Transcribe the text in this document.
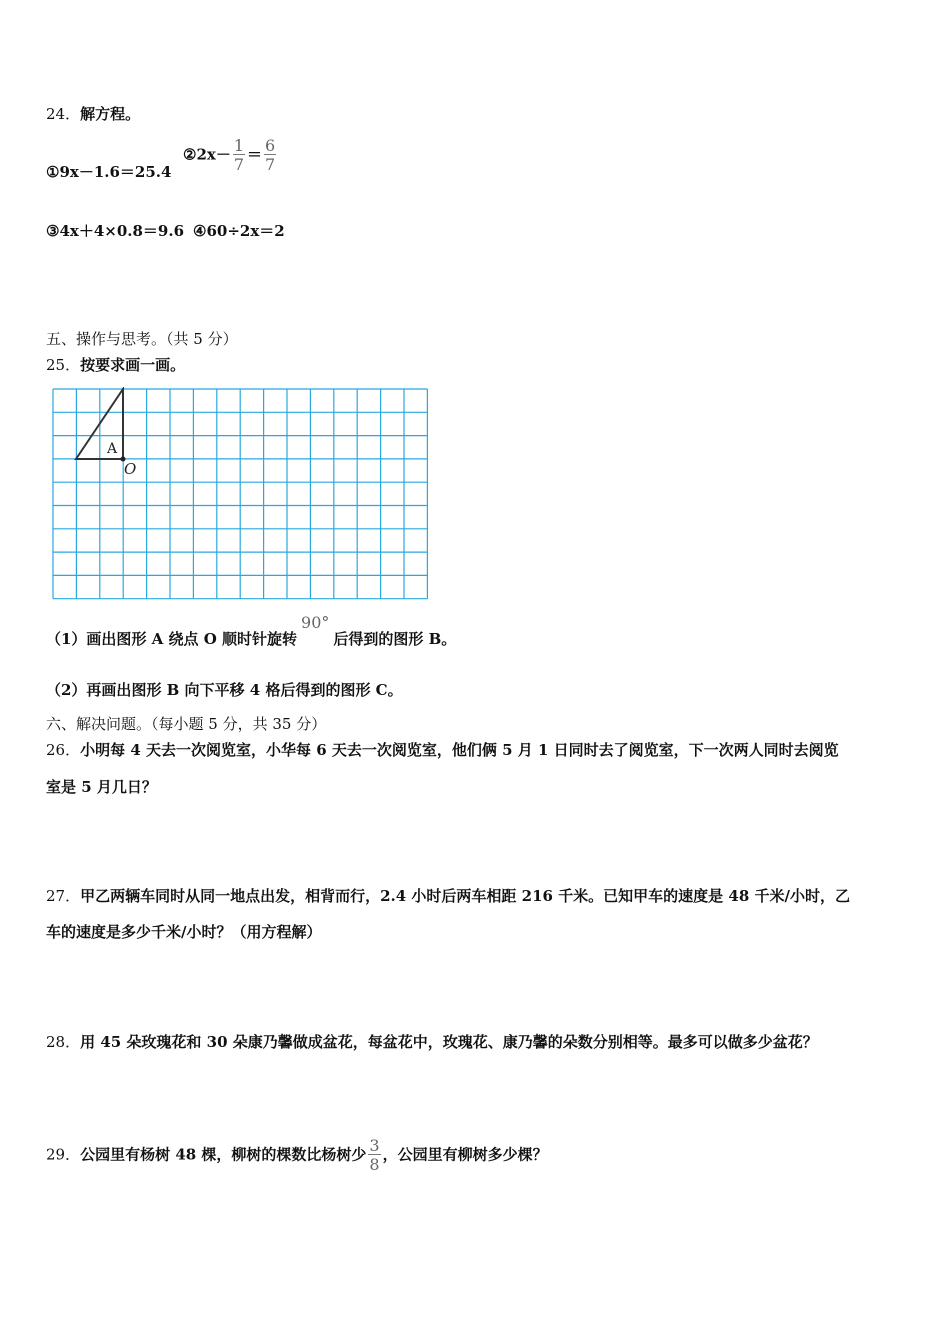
24．解方程。
①9x－1.6＝25.4
②2x－ $\frac{1}{7} = \frac{6}{7}$
③4x＋4×0.8＝9.6 ④60÷2x＝2
五、操作与思考。（共 5 分）
25．按要求画一画。
A
O
（1）画出图形 A 绕点 O 顺时针旋转90°后得到的图形 B。
（2）再画出图形 B 向下平移 4 格后得到的图形 C。
六、解决问题。（每小题 5 分，共 35 分）
26．小明每 4 天去一次阅览室，小华每 6 天去一次阅览室，他们俩 5 月 1 日同时去了阅览室，下一次两人同时去阅览
室是 5 月几日？
27．甲乙两辆车同时从同一地点出发，相背而行，2.4 小时后两车相距 216 千米。已知甲车的速度是 48 千米/小时，乙
车的速度是多少千米/小时？（用方程解）
28．用 45 朵玫瑰花和 30 朵康乃馨做成盆花，每盆花中，玫瑰花、康乃馨的朵数分别相等。最多可以做多少盆花？
29．公园里有杨树 48 棵，柳树的棵数比杨树少 $\frac{3}{8}$ ，公园里有柳树多少棵？
